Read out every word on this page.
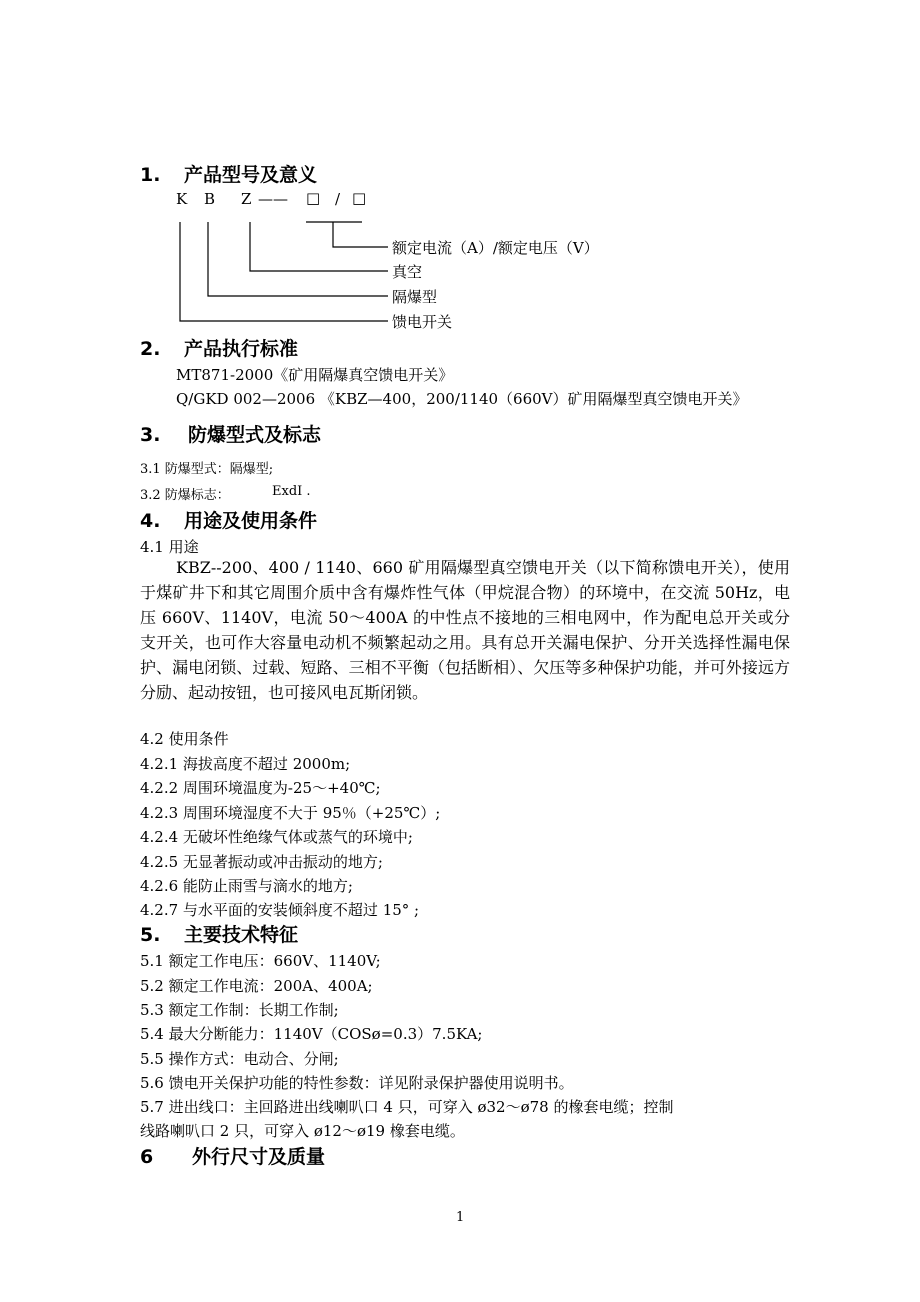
1. 产品型号及意义
K B Z —— □ / □
额定电流（A）/额定电压（V）
真空
隔爆型
馈电开关
2. 产品执行标准
MT871-2000《矿用隔爆真空馈电开关》
Q/GKD 002—2006 《KBZ—400，200/1140（660V）矿用隔爆型真空馈电开关》
3. 防爆型式及标志
3.1 防爆型式：隔爆型;
3.2 防爆标志：	ExdI .
4. 用途及使用条件
4.1 用途
KBZ--200、400 / 1140、660 矿用隔爆型真空馈电开关（以下简称馈电开关），使用于煤矿井下和其它周围介质中含有爆炸性气体（甲烷混合物）的环境中，在交流 50Hz，电压 660V、1140V，电流 50～400A 的中性点不接地的三相电网中，作为配电总开关或分支开关，也可作大容量电动机不频繁起动之用。具有总开关漏电保护、分开关选择性漏电保护、漏电闭锁、过载、短路、三相不平衡（包括断相）、欠压等多种保护功能，并可外接远方分励、起动按钮，也可接风电瓦斯闭锁。
4.2 使用条件
4.2.1 海拔高度不超过 2000m;
4.2.2 周围环境温度为-25～+40℃;
4.2.3 周围环境湿度不大于 95％（+25℃）;
4.2.4 无破坏性绝缘气体或蒸气的环境中;
4.2.5 无显著振动或冲击振动的地方;
4.2.6 能防止雨雪与滴水的地方;
4.2.7 与水平面的安装倾斜度不超过 15° ;
5. 主要技术特征
5.1 额定工作电压：660V、1140V;
5.2 额定工作电流：200A、400A;
5.3 额定工作制：长期工作制;
5.4 最大分断能力：1140V（COSø=0.3）7.5KA;
5.5 操作方式：电动合、分闸;
5.6 馈电开关保护功能的特性参数：详见附录保护器使用说明书。
5.7 进出线口：主回路进出线喇叭口 4 只，可穿入 ø32～ø78 的橡套电缆；控制
线路喇叭口 2 只，可穿入 ø12～ø19 橡套电缆。
6 外行尺寸及质量
1
